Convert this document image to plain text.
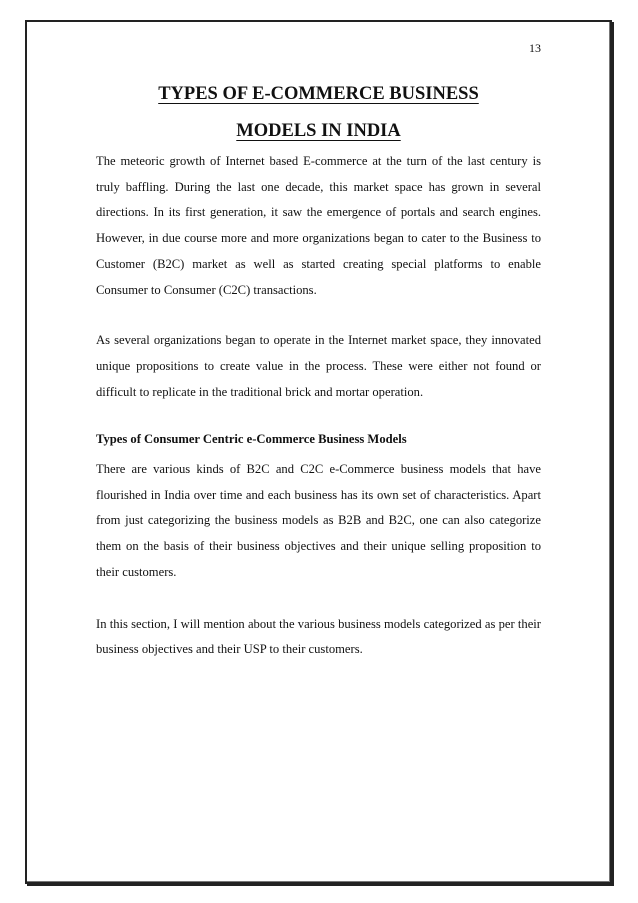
13
TYPES OF E-COMMERCE BUSINESS
MODELS IN INDIA

The meteoric growth of Internet based E-commerce at the turn of the last century is truly baffling. During the last one decade, this market space has grown in several directions. In its first generation, it saw the emergence of portals and search engines. However, in due course more and more organizations began to cater to the Business to Customer (B2C) market as well as started creating special platforms to enable Consumer to Consumer (C2C) transactions.

As several organizations began to operate in the Internet market space, they innovated unique propositions to create value in the process. These were either not found or difficult to replicate in the traditional brick and mortar operation.

Types of Consumer Centric e-Commerce Business Models

There are various kinds of B2C and C2C e-Commerce business models that have flourished in India over time and each business has its own set of characteristics. Apart from just categorizing the business models as B2B and B2C, one can also categorize them on the basis of their business objectives and their unique selling proposition to their customers.

In this section, I will mention about the various business models categorized as per their business objectives and their USP to their customers.
